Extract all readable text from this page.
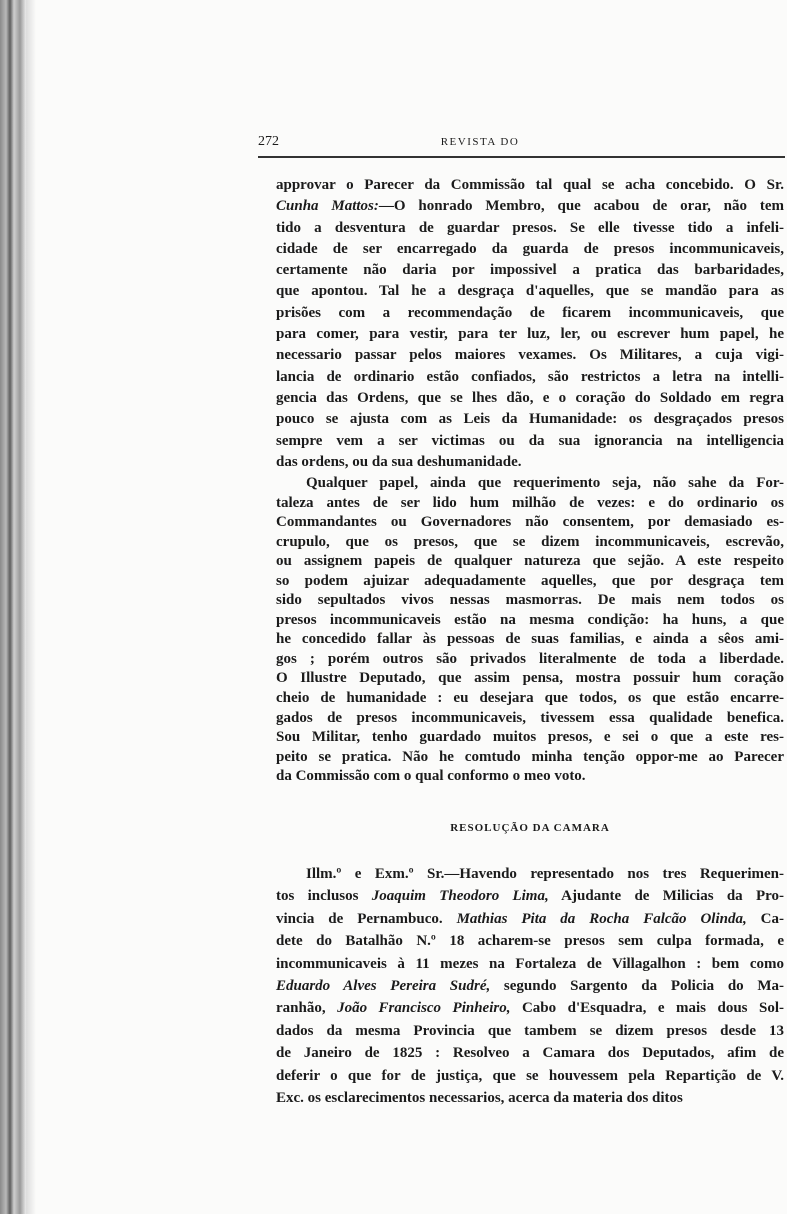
272	REVISTA DO
approvar o Parecer da Commissão tal qual se acha concebido. O Sr.
Cunha Mattos:—O honrado Membro, que acabou de orar, não tem
tido a desventura de guardar presos. Se elle tivesse tido a infeli-
cidade de ser encarregado da guarda de presos incommunicaveis,
certamente não daria por impossivel a pratica das barbaridades,
que apontou. Tal he a desgraça d'aquelles, que se mandão para as
prisões com a recommendação de ficarem incommunicaveis, que
para comer, para vestir, para ter luz, ler, ou escrever hum papel, he
necessario passar pelos maiores vexames. Os Militares, a cuja vigi-
lancia de ordinario estão confiados, são restrictos a letra na intelli-
gencia das Ordens, que se lhes dão, e o coração do Soldado em regra
pouco se ajusta com as Leis da Humanidade: os desgraçados presos
sempre vem a ser victimas ou da sua ignorancia na intelligencia
das ordens, ou da sua deshumanidade.
Qualquer papel, ainda que requerimento seja, não sahe da For-
taleza antes de ser lido hum milhão de vezes: e do ordinario os
Commandantes ou Governadores não consentem, por demasiado es-
crupulo, que os presos, que se dizem incommunicaveis, escrevão,
ou assignem papeis de qualquer natureza que sejão. A este respeito
so podem ajuizar adequadamente aquelles, que por desgraça tem
sido sepultados vivos nessas masmorras. De mais nem todos os
presos incommunicaveis estão na mesma condição: ha huns, a que
he concedido fallar às pessoas de suas familias, e ainda a sêos ami-
gos ; porém outros são privados literalmente de toda a liberdade.
O Illustre Deputado, que assim pensa, mostra possuir hum coração
cheio de humanidade : eu desejara que todos, os que estão encarre-
gados de presos incommunicaveis, tivessem essa qualidade benefica.
Sou Militar, tenho guardado muitos presos, e sei o que a este res-
peito se pratica. Não he comtudo minha tenção oppor-me ao Parecer
da Commissão com o qual conformo o meo voto.
RESOLUÇÃO DA CAMARA
Illm.º e Exm.º Sr.—Havendo representado nos tres Requerimen-
tos inclusos Joaquim Theodoro Lima, Ajudante de Milicias da Pro-
vincia de Pernambuco. Mathias Pita da Rocha Falcão Olinda, Ca-
dete do Batalhão N.º 18 acharem-se presos sem culpa formada, e
incommunicaveis à 11 mezes na Fortaleza de Villagalhon : bem como
Eduardo Alves Pereira Sudré, segundo Sargento da Policia do Ma-
ranhão, João Francisco Pinheiro, Cabo d'Esquadra, e mais dous Sol-
dados da mesma Provincia que tambem se dizem presos desde 13
de Janeiro de 1825 : Resolveo a Camara dos Deputados, afim de
deferir o que for de justiça, que se houvessem pela Repartição de V.
Exc. os esclarecimentos necessarios, acerca da materia dos ditos
